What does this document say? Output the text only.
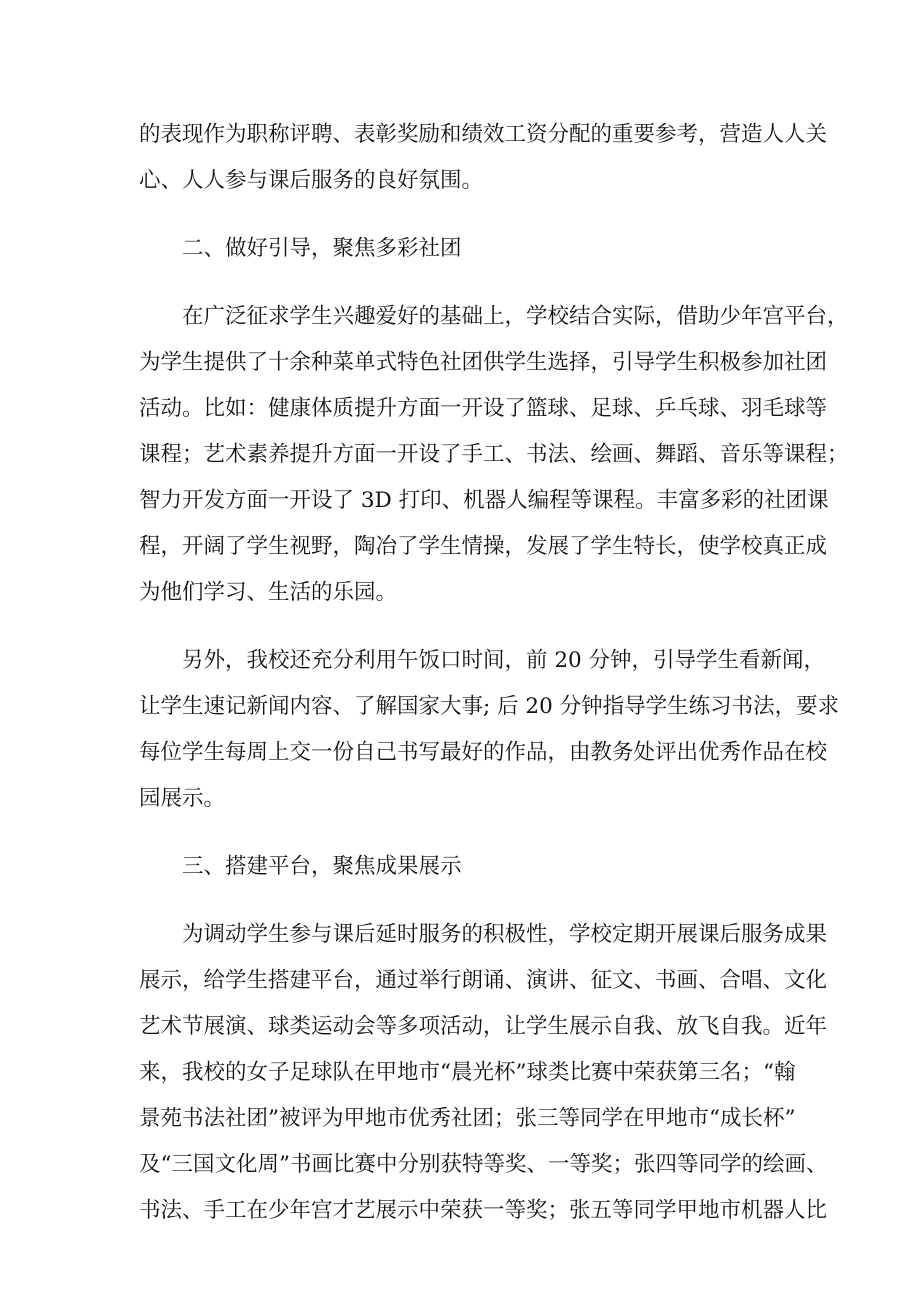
的表现作为职称评聘、表彰奖励和绩效工资分配的重要参考，营造人人关
心、人人参与课后服务的良好氛围。
二、做好引导，聚焦多彩社团
在广泛征求学生兴趣爱好的基础上，学校结合实际，借助少年宫平台，
为学生提供了十余种菜单式特色社团供学生选择，引导学生积极参加社团
活动。比如：健康体质提升方面一开设了篮球、足球、乒乓球、羽毛球等
课程；艺术素养提升方面一开设了手工、书法、绘画、舞蹈、音乐等课程；
智力开发方面一开设了 3D 打印、机器人编程等课程。丰富多彩的社团课
程，开阔了学生视野，陶冶了学生情操，发展了学生特长，使学校真正成
为他们学习、生活的乐园。
另外，我校还充分利用午饭口时间，前 20 分钟，引导学生看新闻，
让学生速记新闻内容、了解国家大事; 后 20 分钟指导学生练习书法，要求
每位学生每周上交一份自己书写最好的作品，由教务处评出优秀作品在校
园展示。
三、搭建平台，聚焦成果展示
为调动学生参与课后延时服务的积极性，学校定期开展课后服务成果
展示，给学生搭建平台，通过举行朗诵、演讲、征文、书画、合唱、文化
艺术节展演、球类运动会等多项活动，让学生展示自我、放飞自我。近年
来，我校的女子足球队在甲地市“晨光杯”球类比赛中荣获第三名；“翰
景苑书法社团”被评为甲地市优秀社团；张三等同学在甲地市“成长杯”
及“三国文化周”书画比赛中分别获特等奖、一等奖；张四等同学的绘画、
书法、手工在少年宫才艺展示中荣获一等奖；张五等同学甲地市机器人比
